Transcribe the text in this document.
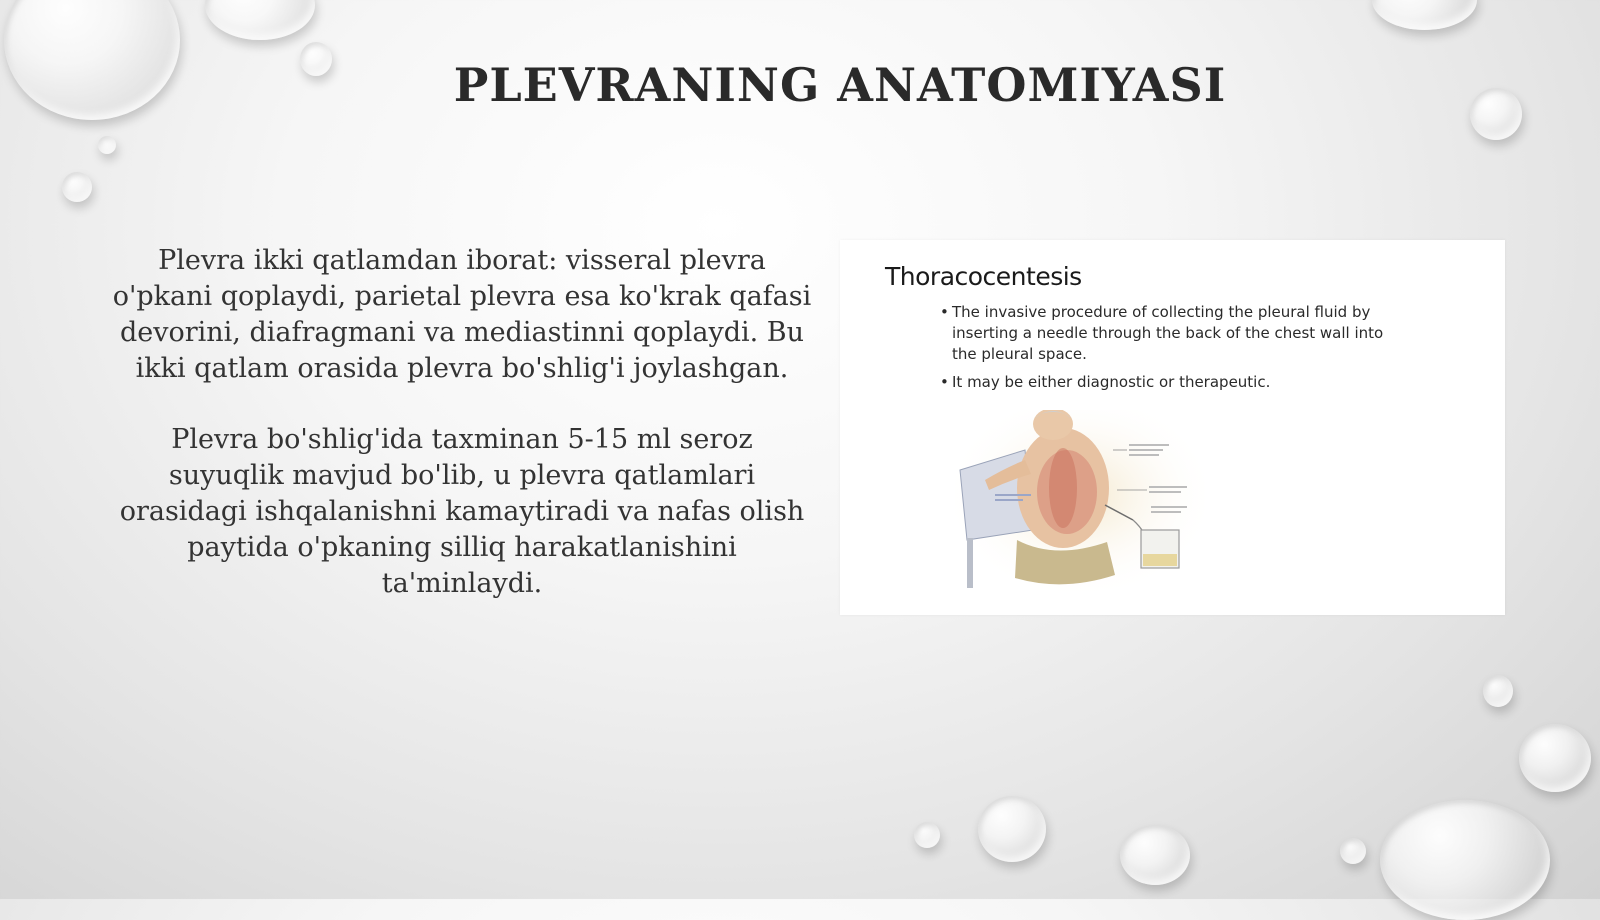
PLEVRANING ANATOMIYASI

Plevra ikki qatlamdan iborat: visseral plevra o'pkani qoplaydi, parietal plevra esa ko'krak qafasi devorini, diafragmani va mediastinni qoplaydi. Bu ikki qatlam orasida plevra bo'shlig'i joylashgan.

Plevra bo'shlig'ida taxminan 5-15 ml seroz suyuqlik mavjud bo'lib, u plevra qatlamlari orasidagi ishqalanishni kamaytiradi va nafas olish paytida o'pkaning silliq harakatlanishini ta'minlaydi.

Thoracocentesis
• The invasive procedure of collecting the pleural fluid by inserting a needle through the back of the chest wall into the pleural space.
• It may be either diagnostic or therapeutic.
